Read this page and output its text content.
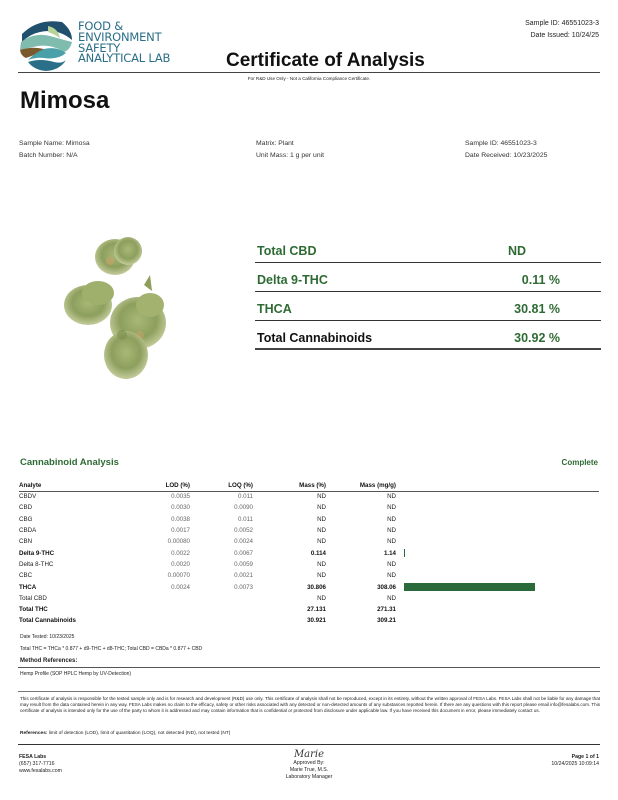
FOOD &
ENVIRONMENT
SAFETY
ANALYTICAL LAB
Sample ID: 46551023-3
Date Issued: 10/24/25
Certificate of Analysis
For R&D Use Only - Not a California Compliance Certificate.
Mimosa
Sample Name: Mimosa
Batch Number: N/A
Matrix: Plant
Unit Mass: 1 g per unit
Sample ID: 46551023-3
Date Received: 10/23/2025
Total CBD	ND
Delta 9-THC	0.11 %
THCA	30.81 %
Total Cannabinoids	30.92 %
Cannabinoid Analysis	Complete
Analyte	LOD (%)	LOQ (%)	Mass (%)	Mass (mg/g)	
CBDV	0.0035	0.011	ND	ND	
CBD	0.0030	0.0090	ND	ND	
CBG	0.0038	0.011	ND	ND	
CBDA	0.0017	0.0052	ND	ND	
CBN	0.00080	0.0024	ND	ND	
Delta 9-THC	0.0022	0.0067	0.114	1.14	
Delta 8-THC	0.0020	0.0059	ND	ND	
CBC	0.00070	0.0021	ND	ND	
THCA	0.0024	0.0073	30.806	308.06	
Total CBD			ND	ND	
Total THC			27.131	271.31	
Total Cannabinoids			30.921	309.21	
Date Tested: 10/23/2025
Total THC = THCa * 0.877 + d9-THC + d8-THC; Total CBD = CBDa * 0.877 + CBD
Method References:
Hemp Profile (SOP HPLC Hemp by UV-Detection)
This certificate of analysis is responsible for the tested sample only and is for research and development (R&D) use only. This certificate of analysis shall not be reproduced, except in its entirety, without the written approval of FESA Labs. FESA Labs shall not be liable for any damage that may result from the data contained herein in any way. FESA Labs makes no claim to the efficacy, safety or other risks associated with any detected or non-detected amounts of any substances reported herein. If there are any questions with this report please email info@fesalabs.com. This certificate of analysis is intended only for the use of the party to whom it is addressed and may contain information that is confidential or protected from disclosure under applicable law. If you have received this document in error, please immediately contact us.
References: limit of detection (LOD), limit of quantitation (LOQ), not detected (ND), not tested (NT)
FESA Labs
(657) 317-7716
www.fesalabs.com
Marie
Approved By:
Marie True, M.S.
Laboratory Manager
Page 1 of 1
10/24/2025 10:09:14
